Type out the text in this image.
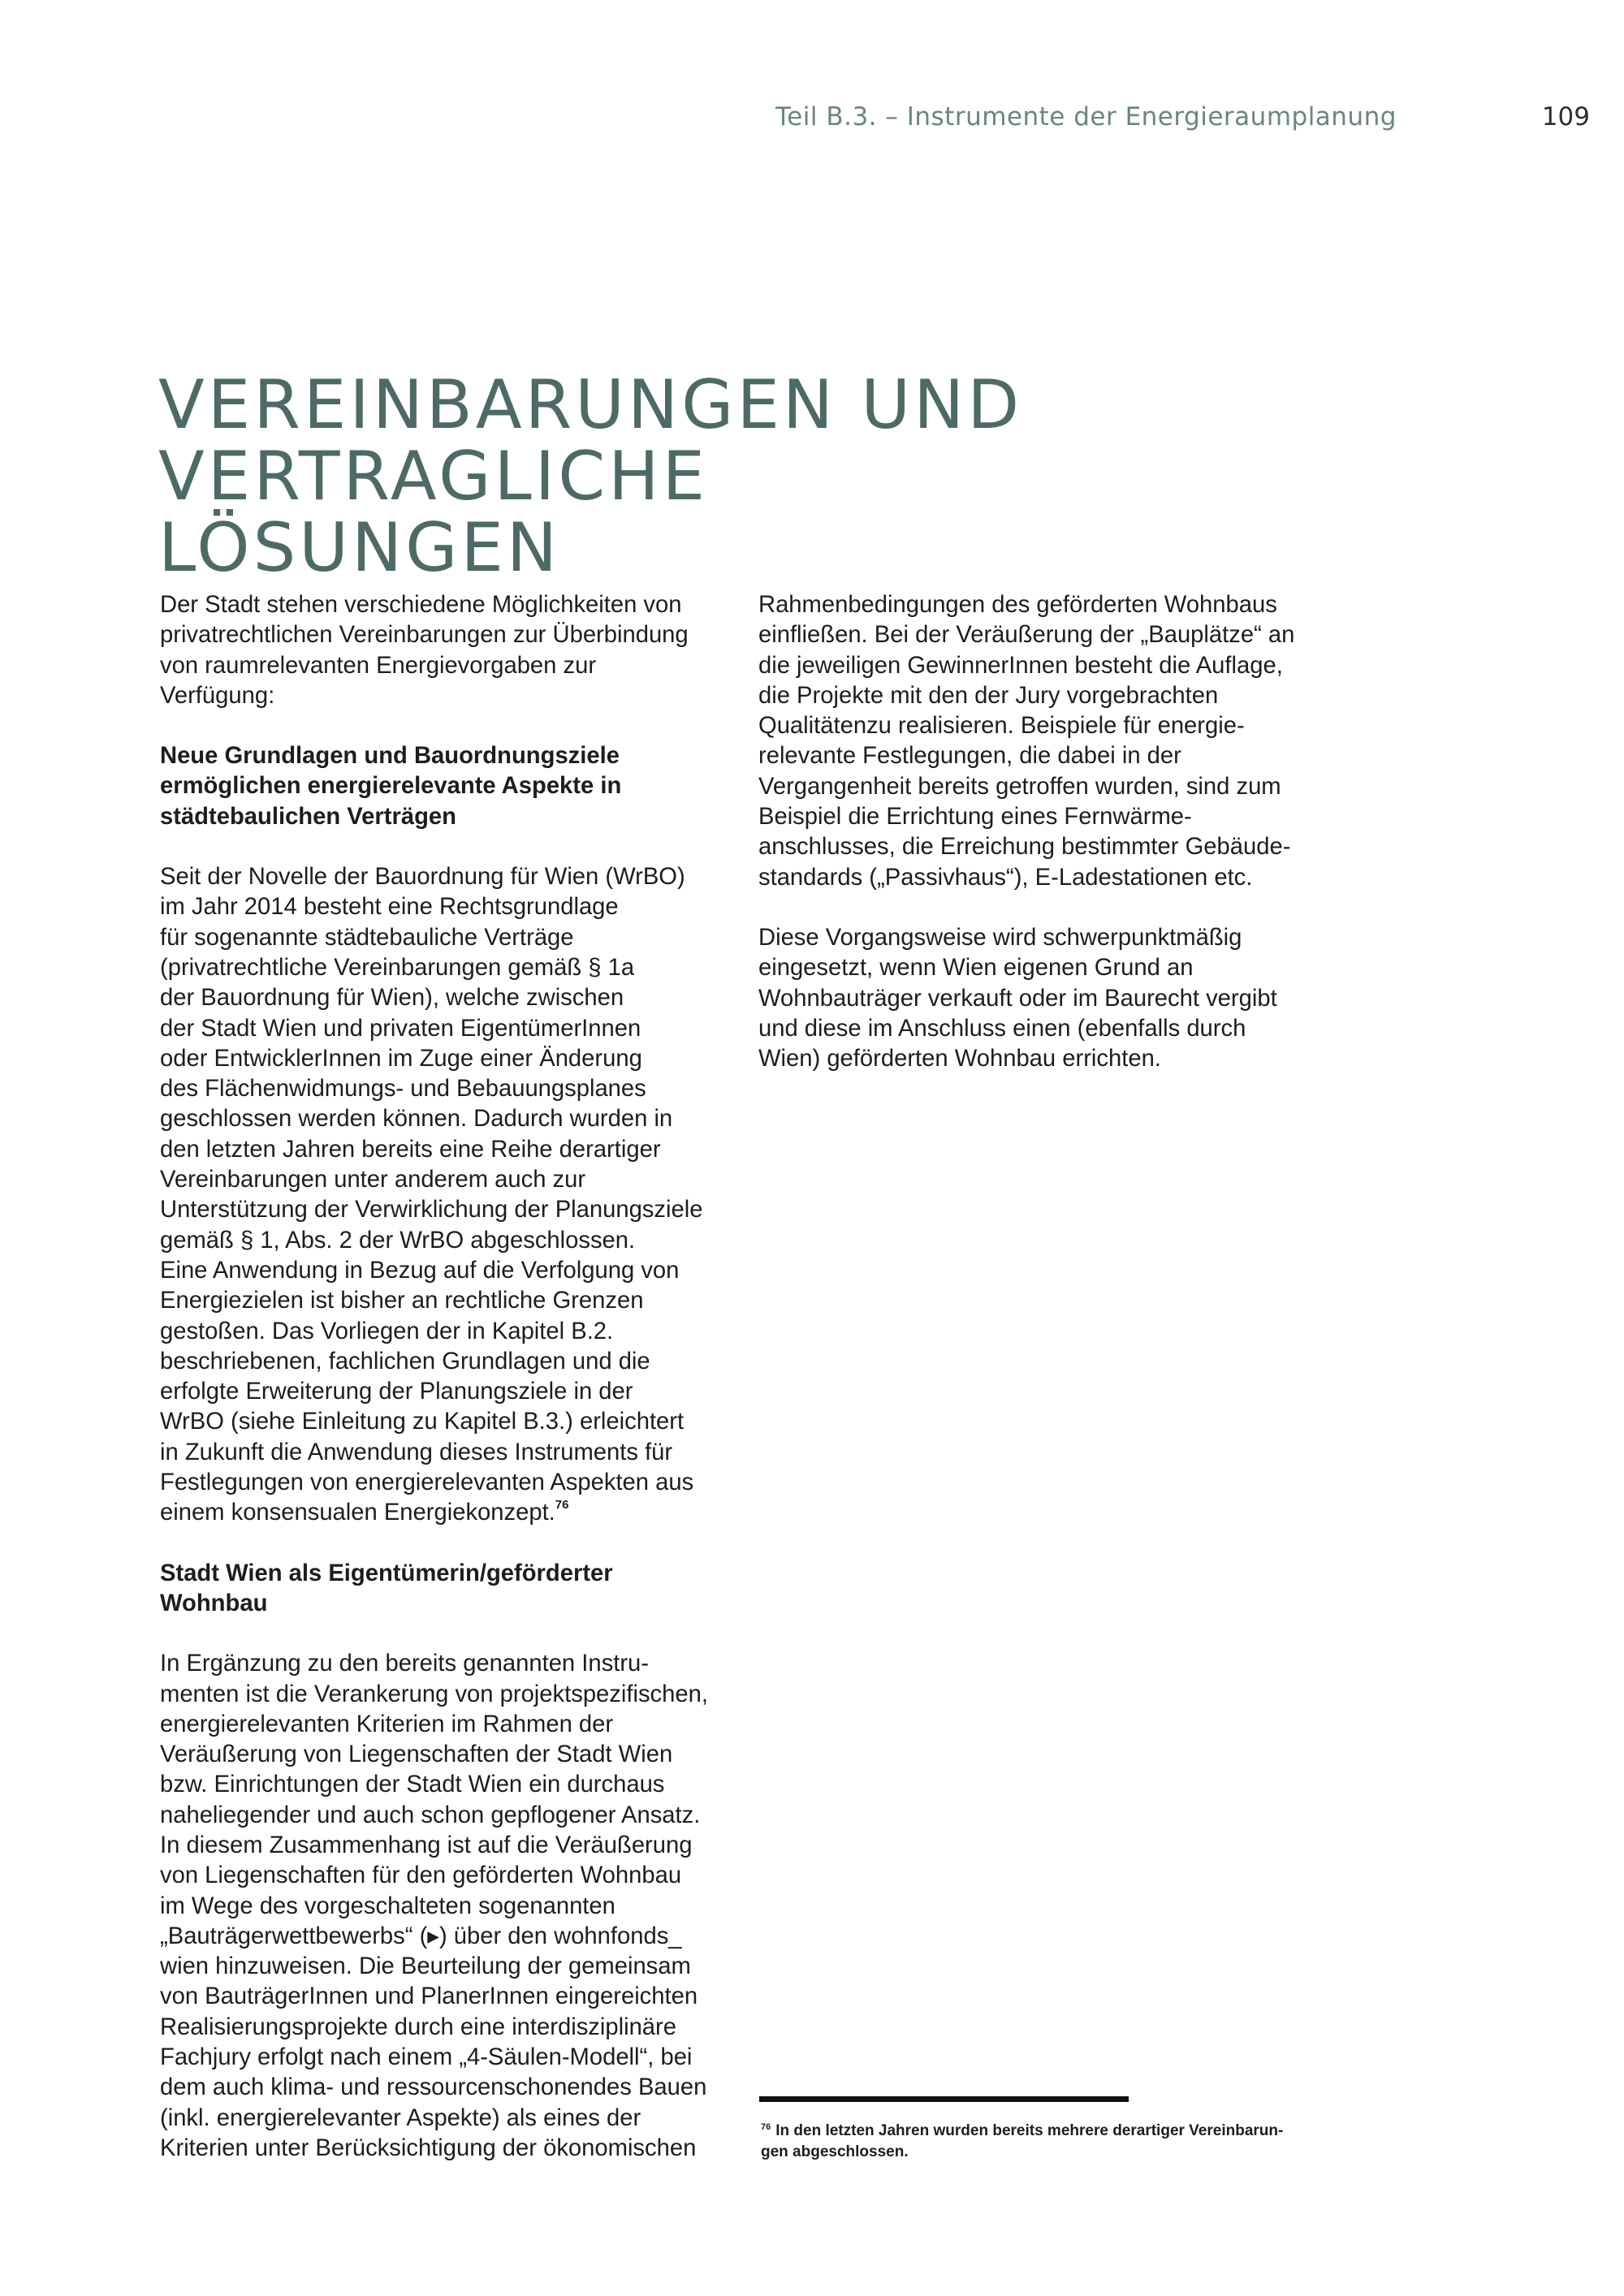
Teil B.3. – Instrumente der Energieraumplanung	109
VEREINBARUNGEN UND VERTRAGLICHE
LÖSUNGEN

Der Stadt stehen verschiedene Möglichkeiten von
privatrechtlichen Vereinbarungen zur Überbindung
von raumrelevanten Energievorgaben zur
Verfügung:

Neue Grundlagen und Bauordnungsziele
ermöglichen energierelevante Aspekte in
städtebaulichen Verträgen

Seit der Novelle der Bauordnung für Wien (WrBO)
im Jahr 2014 besteht eine Rechtsgrundlage
für sogenannte städtebauliche Verträge
(privatrechtliche Vereinbarungen gemäß § 1a
der Bauordnung für Wien), welche zwischen
der Stadt Wien und privaten EigentümerInnen
oder EntwicklerInnen im Zuge einer Änderung
des Flächenwidmungs- und Bebauungsplanes
geschlossen werden können. Dadurch wurden in
den letzten Jahren bereits eine Reihe derartiger
Vereinbarungen unter anderem auch zur
Unterstützung der Verwirklichung der Planungsziele
gemäß § 1, Abs. 2 der WrBO abgeschlossen.
Eine Anwendung in Bezug auf die Verfolgung von
Energiezielen ist bisher an rechtliche Grenzen
gestoßen. Das Vorliegen der in Kapitel B.2.
beschriebenen, fachlichen Grundlagen und die
erfolgte Erweiterung der Planungsziele in der
WrBO (siehe Einleitung zu Kapitel B.3.) erleichtert
in Zukunft die Anwendung dieses Instruments für
Festlegungen von energierelevanten Aspekten aus
einem konsensualen Energiekonzept.$^{76}$

Stadt Wien als Eigentümerin/geförderter
Wohnbau

In Ergänzung zu den bereits genannten Instru-
menten ist die Verankerung von projektspezifischen,
energierelevanten Kriterien im Rahmen der
Veräußerung von Liegenschaften der Stadt Wien
bzw. Einrichtungen der Stadt Wien ein durchaus
naheliegender und auch schon gepflogener Ansatz.
In diesem Zusammenhang ist auf die Veräußerung
von Liegenschaften für den geförderten Wohnbau
im Wege des vorgeschalteten sogenannten
„Bauträgerwettbewerbs“ (▸) über den wohnfonds_
wien hinzuweisen. Die Beurteilung der gemeinsam
von BauträgerInnen und PlanerInnen eingereichten
Realisierungsprojekte durch eine interdisziplinäre
Fachjury erfolgt nach einem „4-Säulen-Modell“, bei
dem auch klima- und ressourcenschonendes Bauen
(inkl. energierelevanter Aspekte) als eines der
Kriterien unter Berücksichtigung der ökonomischen

Rahmenbedingungen des geförderten Wohnbaus
einfließen. Bei der Veräußerung der „Bauplätze“ an
die jeweiligen GewinnerInnen besteht die Auflage,
die Projekte mit den der Jury vorgebrachten
Qualitätenzu realisieren. Beispiele für energie-
relevante Festlegungen, die dabei in der
Vergangenheit bereits getroffen wurden, sind zum
Beispiel die Errichtung eines Fernwärme-
anschlusses, die Erreichung bestimmter Gebäude-
standards („Passivhaus“), E-Ladestationen etc.

Diese Vorgangsweise wird schwerpunktmäßig
eingesetzt, wenn Wien eigenen Grund an
Wohnbauträger verkauft oder im Baurecht vergibt
und diese im Anschluss einen (ebenfalls durch
Wien) geförderten Wohnbau errichten.

$^{76}$ In den letzten Jahren wurden bereits mehrere derartiger Vereinbarun-
gen abgeschlossen.
